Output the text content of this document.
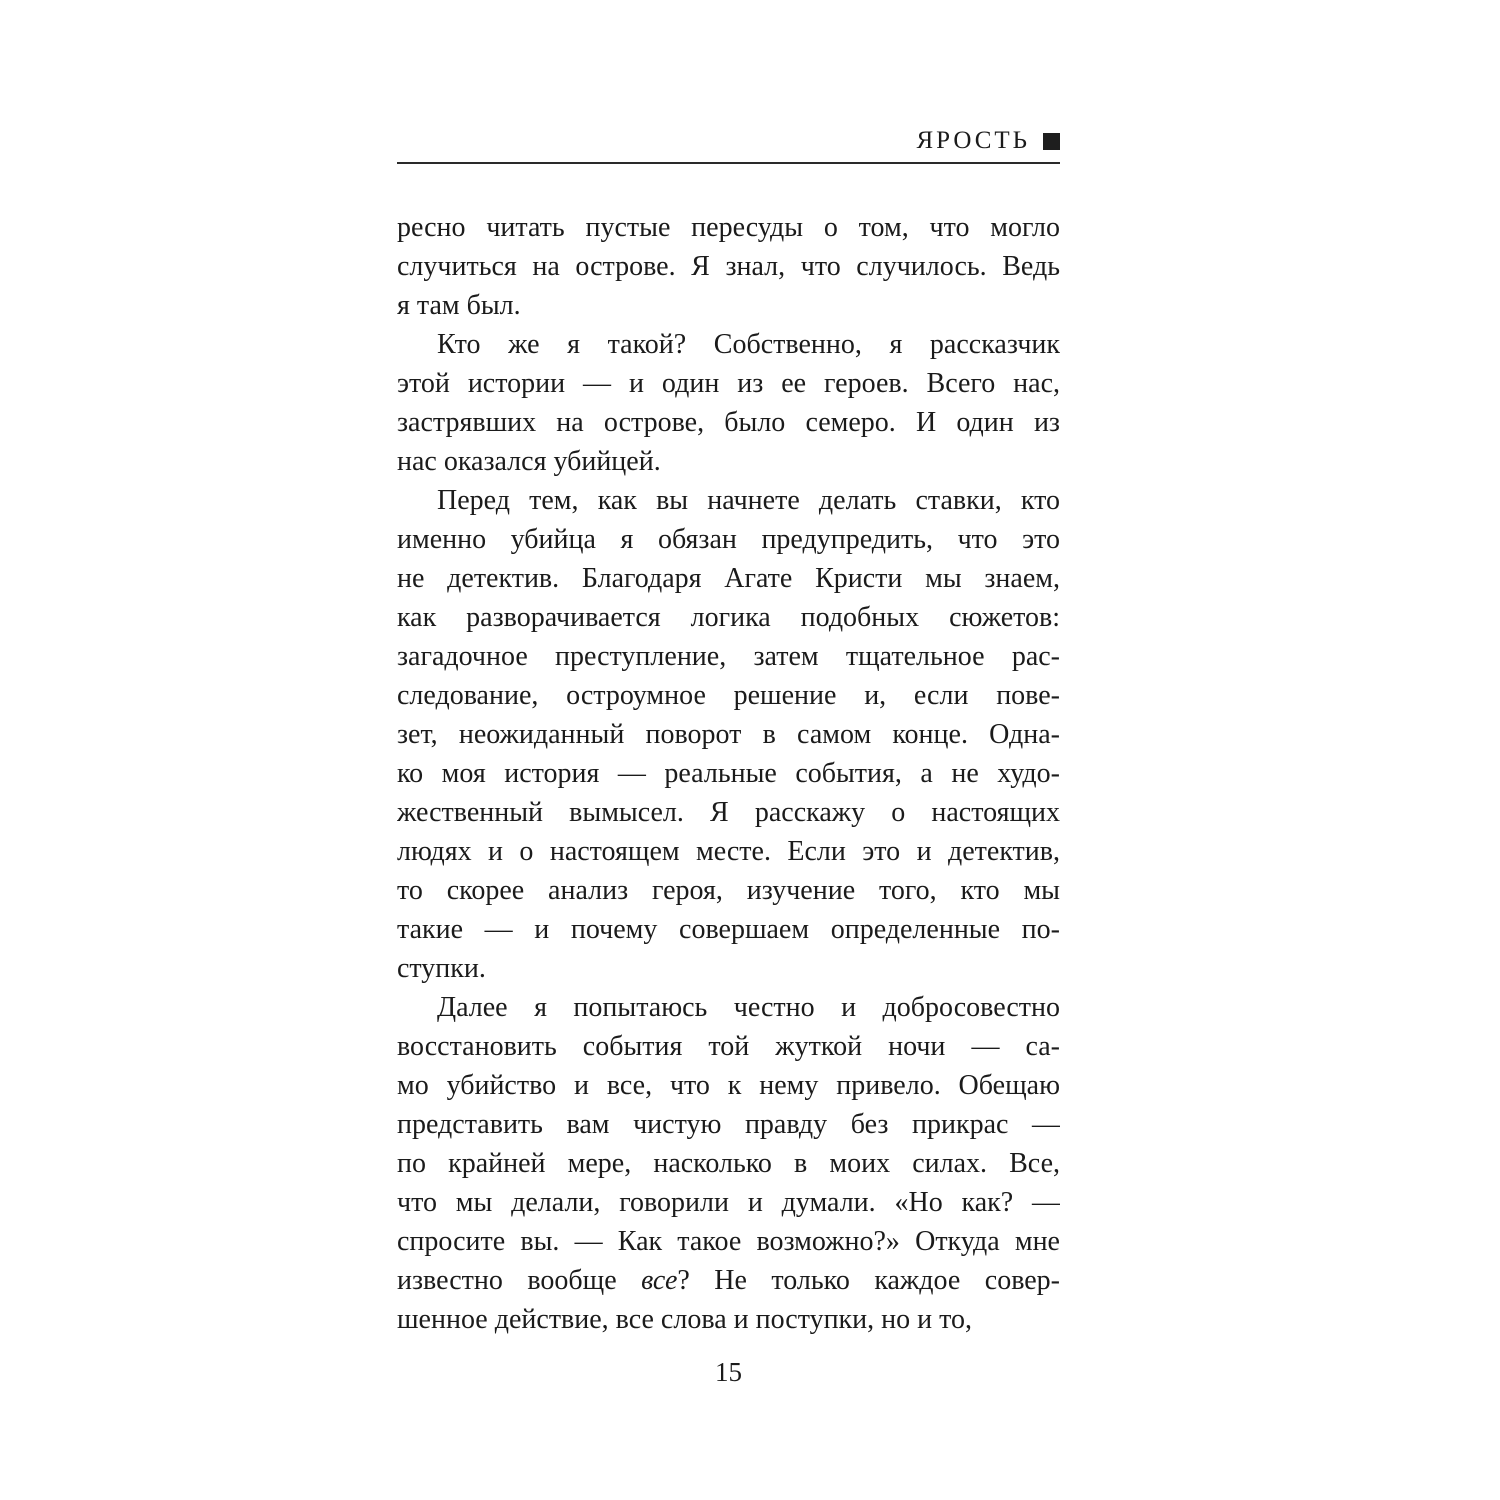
ЯРОСТЬ
ресно читать пустые пересуды о том, что могло
случиться на острове. Я знал, что случилось. Ведь
я там был.
Кто же я такой? Собственно, я рассказчик
этой истории — и один из ее героев. Всего нас,
застрявших на острове, было семеро. И один из
нас оказался убийцей.
Перед тем, как вы начнете делать ставки, кто
именно убийца я обязан предупредить, что это
не детектив. Благодаря Агате Кристи мы знаем,
как разворачивается логика подобных сюжетов:
загадочное преступление, затем тщательное рас-
следование, остроумное решение и, если пове-
зет, неожиданный поворот в самом конце. Одна-
ко моя история — реальные события, а не худо-
жественный вымысел. Я расскажу о настоящих
людях и о настоящем месте. Если это и детектив,
то скорее анализ героя, изучение того, кто мы
такие — и почему совершаем определенные по-
ступки.
Далее я попытаюсь честно и добросовестно
восстановить события той жуткой ночи — са-
мо убийство и все, что к нему привело. Обещаю
представить вам чистую правду без прикрас —
по крайней мере, насколько в моих силах. Все,
что мы делали, говорили и думали. «Но как? —
спросите вы. — Как такое возможно?» Откуда мне
известно вообще все? Не только каждое совер-
шенное действие, все слова и поступки, но и то,
15
